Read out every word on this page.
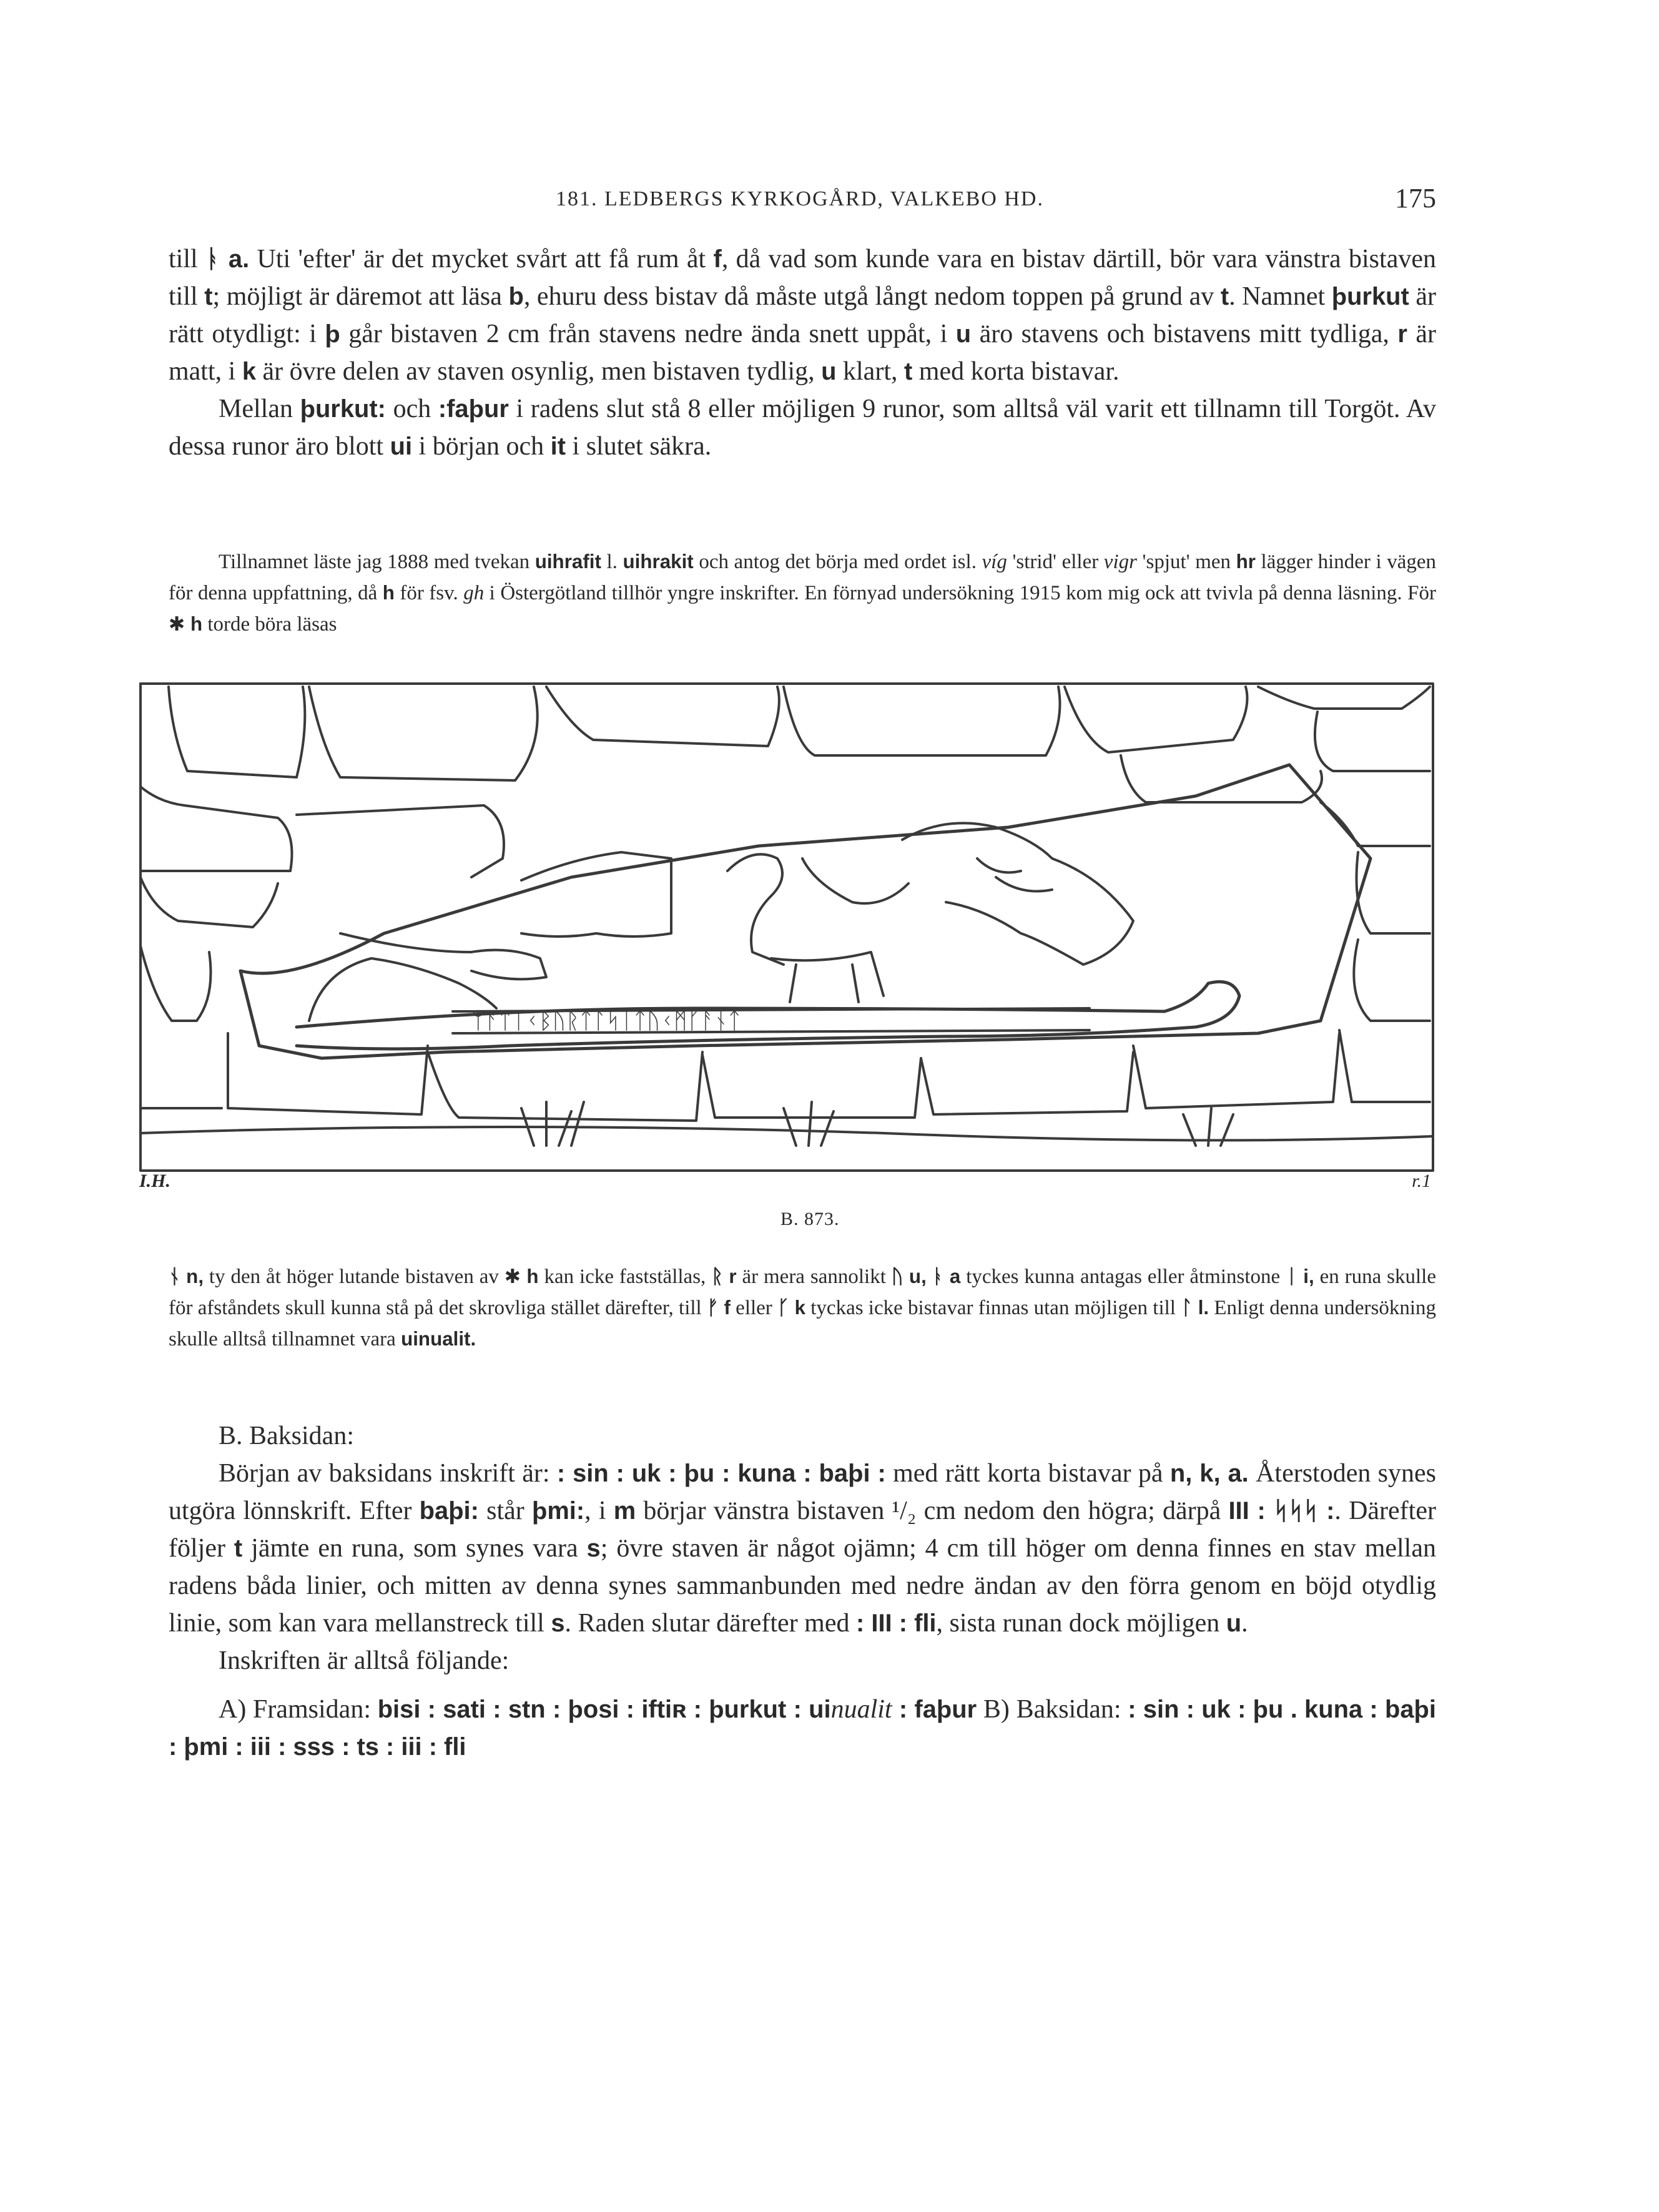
181. LEDBERGS KYRKOGÅRD, VALKEBO HD.	175

till ᚭ a. Uti 'efter' är det mycket svårt att få rum åt f, då vad som kunde vara en bistav därtill, bör vara vänstra bistaven till t; möjligt är däremot att läsa b, ehuru dess bistav då måste utgå långt nedom toppen på grund av t. Namnet þurkut är rätt otydligt: i þ går bistaven 2 cm från stavens nedre ända snett uppåt, i u äro stavens och bistavens mitt tydliga, r är matt, i k är övre delen av staven osynlig, men bistaven tydlig, u klart, t med korta bistavar.

Mellan þurkut: och :faþur i radens slut stå 8 eller möjligen 9 runor, som alltså väl varit ett tillnamn till Torgöt. Av dessa runor äro blott ui i början och it i slutet säkra.

Tillnamnet läste jag 1888 med tvekan uihrafit l. uihrakit och antog det börja med ordet isl. víg 'strid' eller vigr 'spjut' men hr lägger hinder i vägen för denna uppfattning, då h för fsv. gh i Östergötland tillhör yngre inskrifter. En förnyad undersökning 1915 kom mig ock att tvivla på denna läsning. För ✱ h torde böra läsas

ᛘᚨᛏᛁᚲᛒᚢᚱᛏᛚᛋᛁᛏᚢᚲᛗᚴᚨᚾᛏ
I.H.	r.1
B. 873.

ᚾ n, ty den åt höger lutande bistaven av ✱ h kan icke fastställas, ᚱ r är mera sannolikt ᚢ u, ᚭ a tyckes kunna antagas eller åtminstone ᛁ i, en runa skulle för afståndets skull kunna stå på det skrovliga stället därefter, till ᚠ f eller ᚴ k tyckas icke bistavar finnas utan möjligen till ᛚ l. Enligt denna undersökning skulle alltså tillnamnet vara uinualit.

B. Baksidan:

Början av baksidans inskrift är: : sin : uk : þu : kuna : baþi : med rätt korta bistavar på n, k, a. Återstoden synes utgöra lönnskrift. Efter baþi: står þmi:, i m börjar vänstra bistaven ¹/₂ cm nedom den högra; därpå III : ᛋᛋᛋ :. Därefter följer t jämte en runa, som synes vara s; övre staven är något ojämn; 4 cm till höger om denna finnes en stav mellan radens båda linier, och mitten av denna synes sammanbunden med nedre ändan av den förra genom en böjd otydlig linie, som kan vara mellanstreck till s. Raden slutar därefter med : III : fli, sista runan dock möjligen u.

Inskriften är alltså följande:

A) Framsidan: bisi : sati : stn : þosi : iftiʀ : þurkut : uinualit : faþur B) Baksidan: : sin : uk : þu . kuna : baþi : þmi : iii : sss : ts : iii : fli
